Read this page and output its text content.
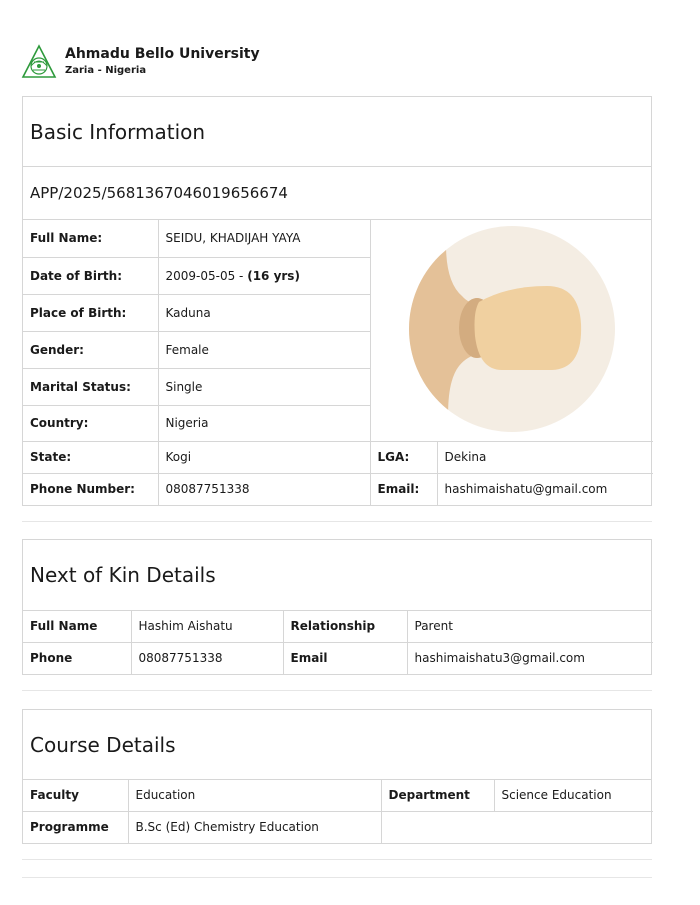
Ahmadu Bello University
Zaria - Nigeria
Basic Information
APP/2025/5681367046019656674
Full Name:	SEIDU, KHADIJAH YAYA	
Date of Birth:	2009-05-05 - (16 yrs)		
Place of Birth:	Kaduna		
Gender:	Female		
Marital Status:	Single		
Country:	Nigeria		
State:	Kogi	LGA:	Dekina
Phone Number:	08087751338	Email:	hashimaishatu@gmail.com
Next of Kin Details
Full Name	Hashim Aishatu	Relationship	Parent
Phone	08087751338	Email	hashimaishatu3@gmail.com
Course Details
Faculty	Education	Department	Science Education
Programme	B.Sc (Ed) Chemistry Education		
